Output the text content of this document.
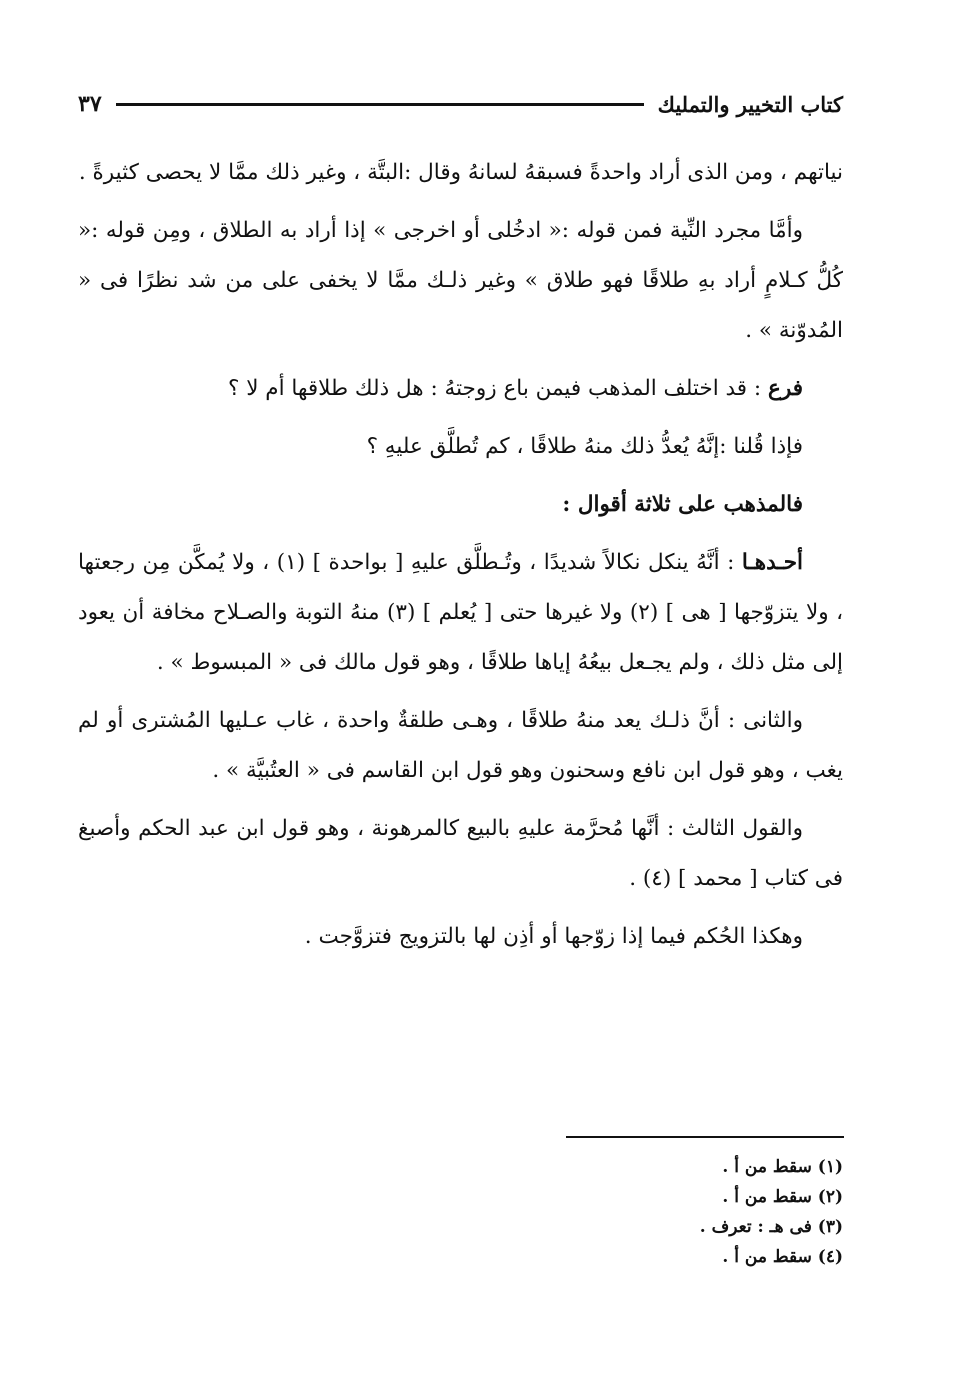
كتاب التخيير والتمليك
٣٧

نياتهم ، ومن الذى أراد واحدةً فسبقهُ لسانهُ وقال :البتَّة ، وغير ذلك ممَّا لا يحصى كثيرةً .

وأمَّا مجرد النِّية فمن قوله :« ادخُلى أو اخرجى » إذا أراد به الطلاق ، ومِن قوله :« كُلُّ كـلامٍ أراد بهِ طلاقًا فهو طلاق » وغير ذلـك ممَّا لا يخفى على من شد نظرًا فى « المُدوّنة » .

فرع : قد اختلف المذهب فيمن باع زوجتهُ : هل ذلك طلاقها أم لا ؟

فإذا قُلنا :إنَّهُ يُعدُّ ذلك منهُ طلاقًا ، كم تُطلَّق عليهِ ؟

فالمذهب على ثلاثة أقوال :

أحـدهـا : أنَّهُ ينكل نكالاً شديدًا ، وتُـطلَّق عليهِ [ بواحدة ] (١) ، ولا يُمكَّن مِن رجعتها ، ولا يتزوّجها [ هى ] (٢) ولا غيرها حتى [ يُعلم ] (٣) منهُ التوبة والصـلاح مخافة أن يعود إلى مثل ذلك ، ولم يجـعل بيعُهُ إياها طلاقًا ، وهو قول مالك فى « المبسوط » .

والثانى : أنَّ ذلـك يعد منهُ طلاقًا ، وهـى طلقةٌ واحدة ، غاب عـليها المُشترى أو لم يغب ، وهو قول ابن نافع وسحنون وهو قول ابن القاسم فى « العتُبيَّة » .

والقول الثالث : أنَّها مُحرَّمة عليهِ بالبيع كالمرهونة ، وهو قول ابن عبد الحكم وأصبغ فى كتاب [ محمد ] (٤) .

وهكذا الحُكم فيما إذا زوّجها أو أذِن لها بالتزويج فتزوَّجت .

(١) سقط من أ .
(٢) سقط من أ .
(٣) فى هـ : تعرف .
(٤) سقط من أ .
